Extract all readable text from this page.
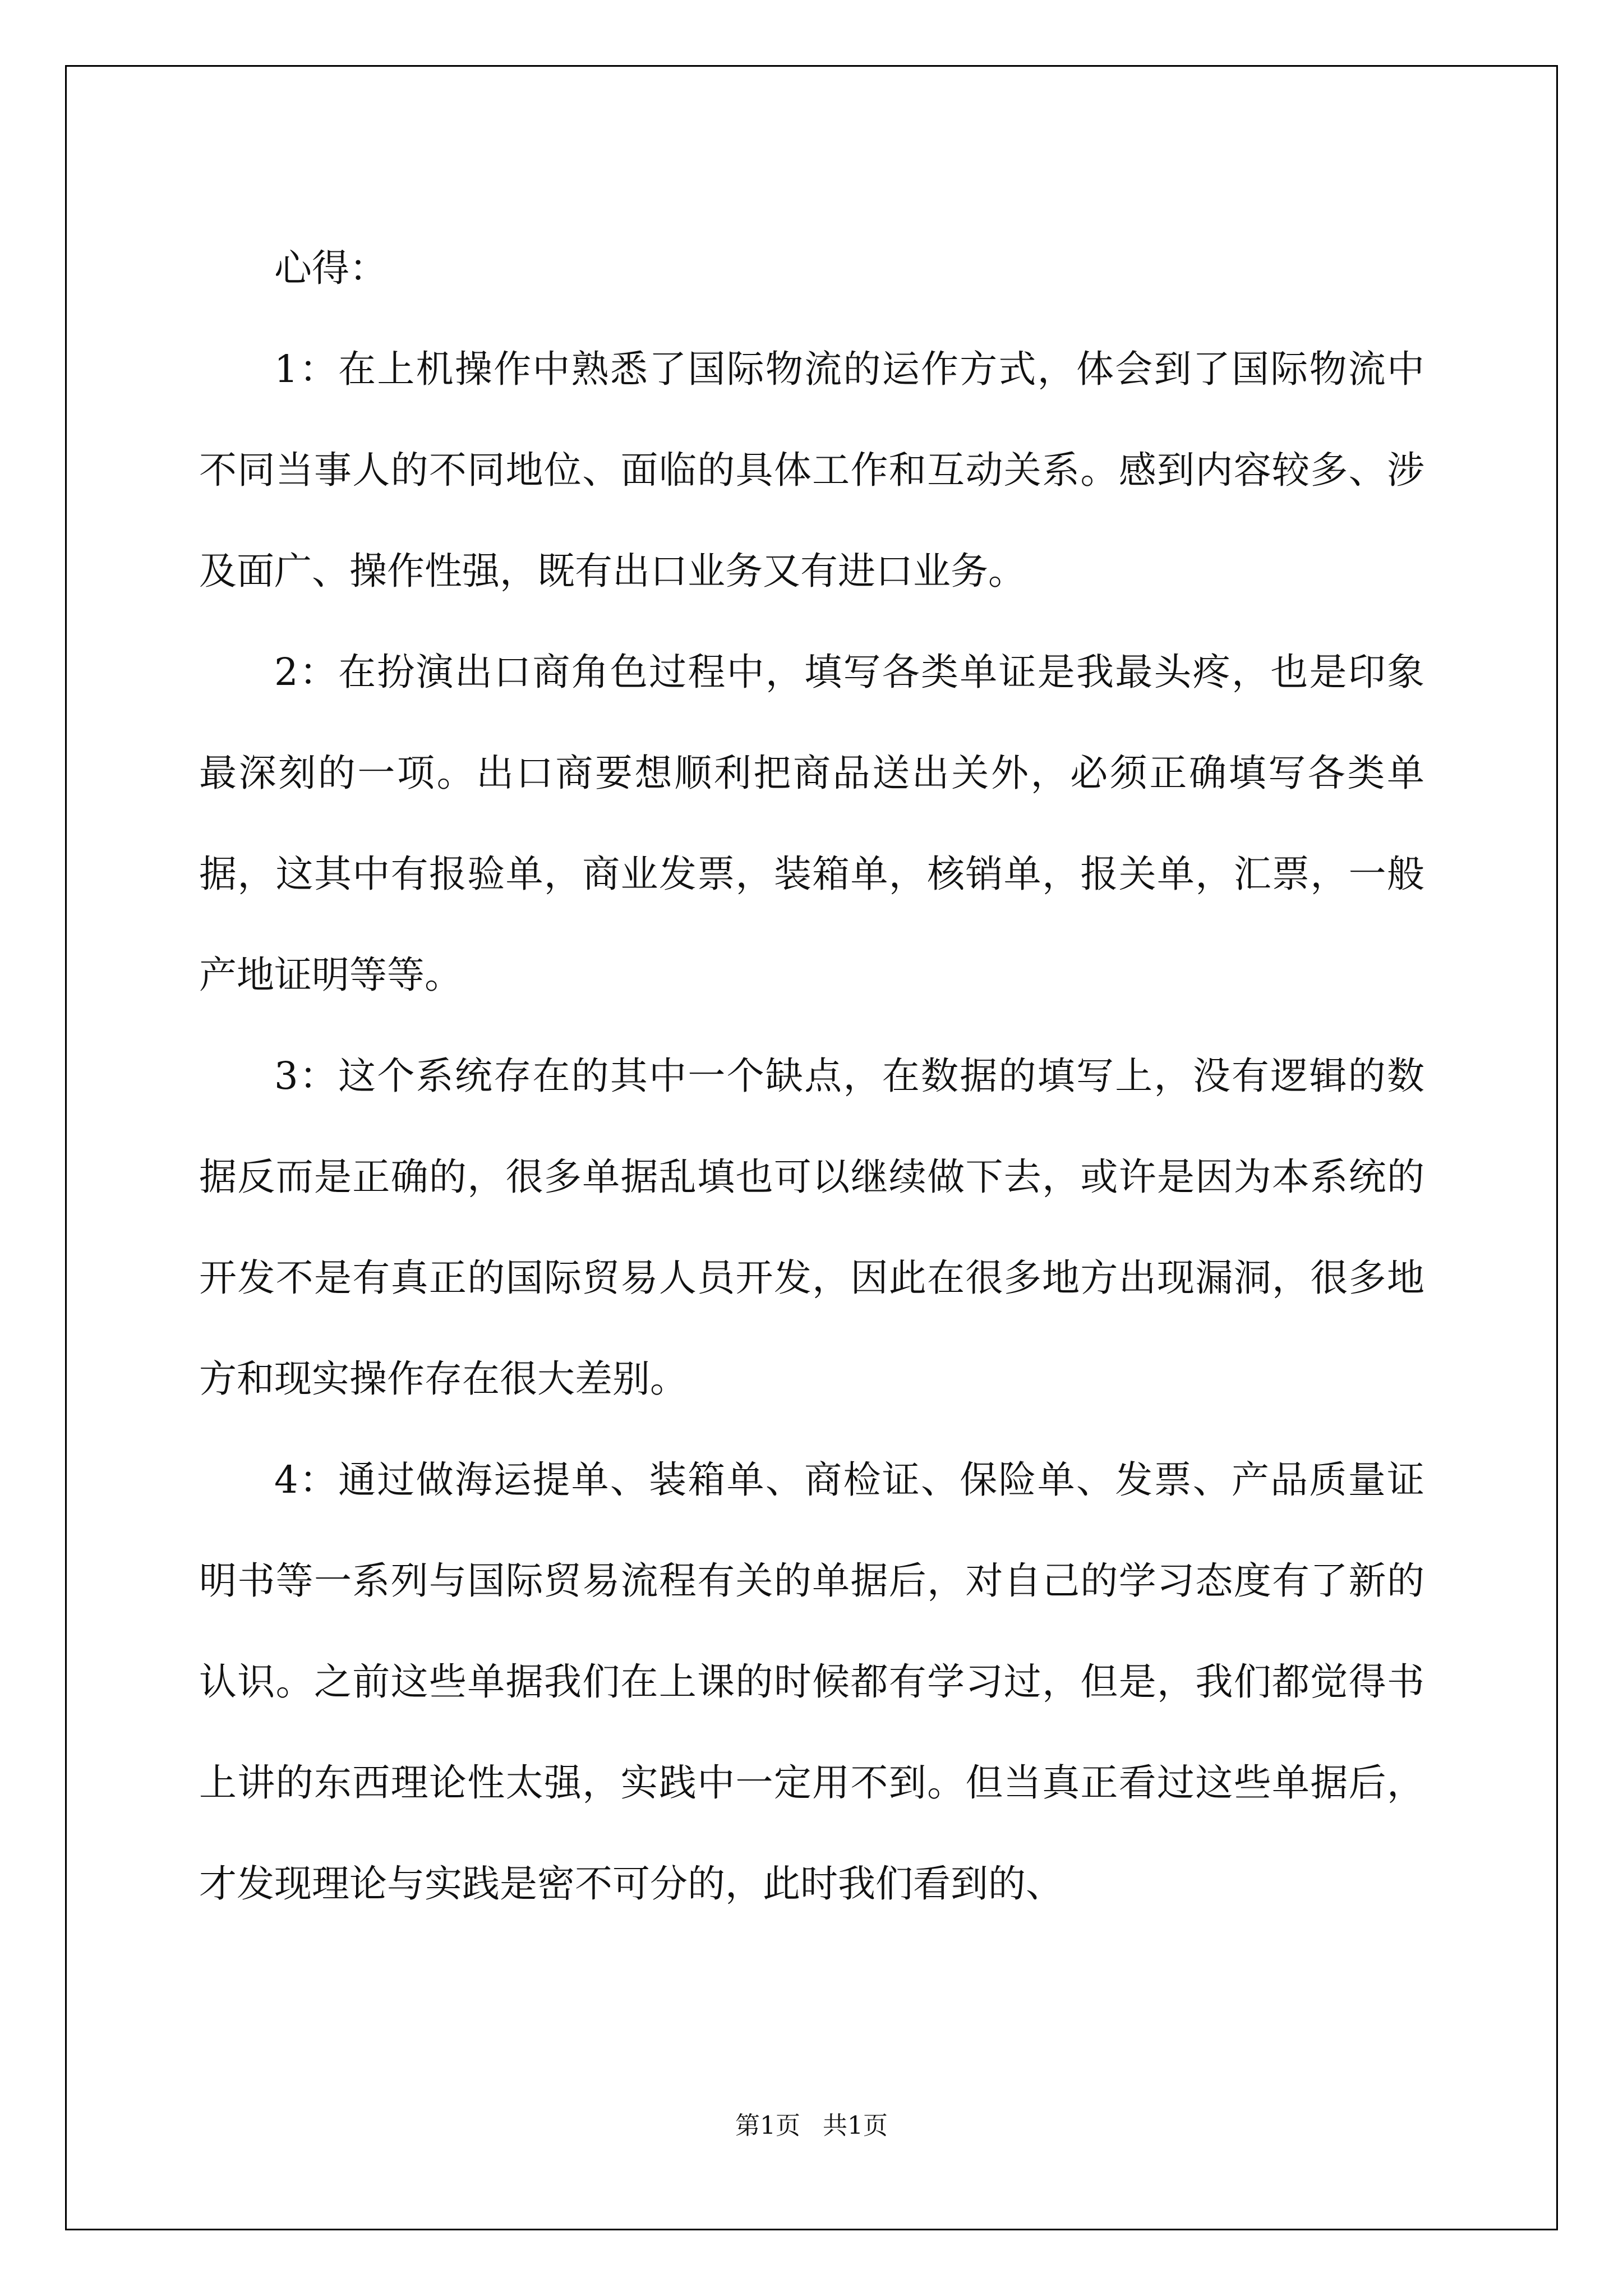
心得：

1：在上机操作中熟悉了国际物流的运作方式，体会到了国际物流中不同当事人的不同地位、面临的具体工作和互动关系。感到内容较多、涉及面广、操作性强，既有出口业务又有进口业务。

2：在扮演出口商角色过程中，填写各类单证是我最头疼，也是印象最深刻的一项。出口商要想顺利把商品送出关外，必须正确填写各类单据，这其中有报验单，商业发票，装箱单，核销单，报关单，汇票，一般产地证明等等。

3：这个系统存在的其中一个缺点，在数据的填写上，没有逻辑的数据反而是正确的，很多单据乱填也可以继续做下去，或许是因为本系统的开发不是有真正的国际贸易人员开发，因此在很多地方出现漏洞，很多地方和现实操作存在很大差别。

4：通过做海运提单、装箱单、商检证、保险单、发票、产品质量证明书等一系列与国际贸易流程有关的单据后，对自己的学习态度有了新的认识。之前这些单据我们在上课的时候都有学习过，但是，我们都觉得书上讲的东西理论性太强，实践中一定用不到。但当真正看过这些单据后，才发现理论与实践是密不可分的，此时我们看到的、

第1页 共1页
